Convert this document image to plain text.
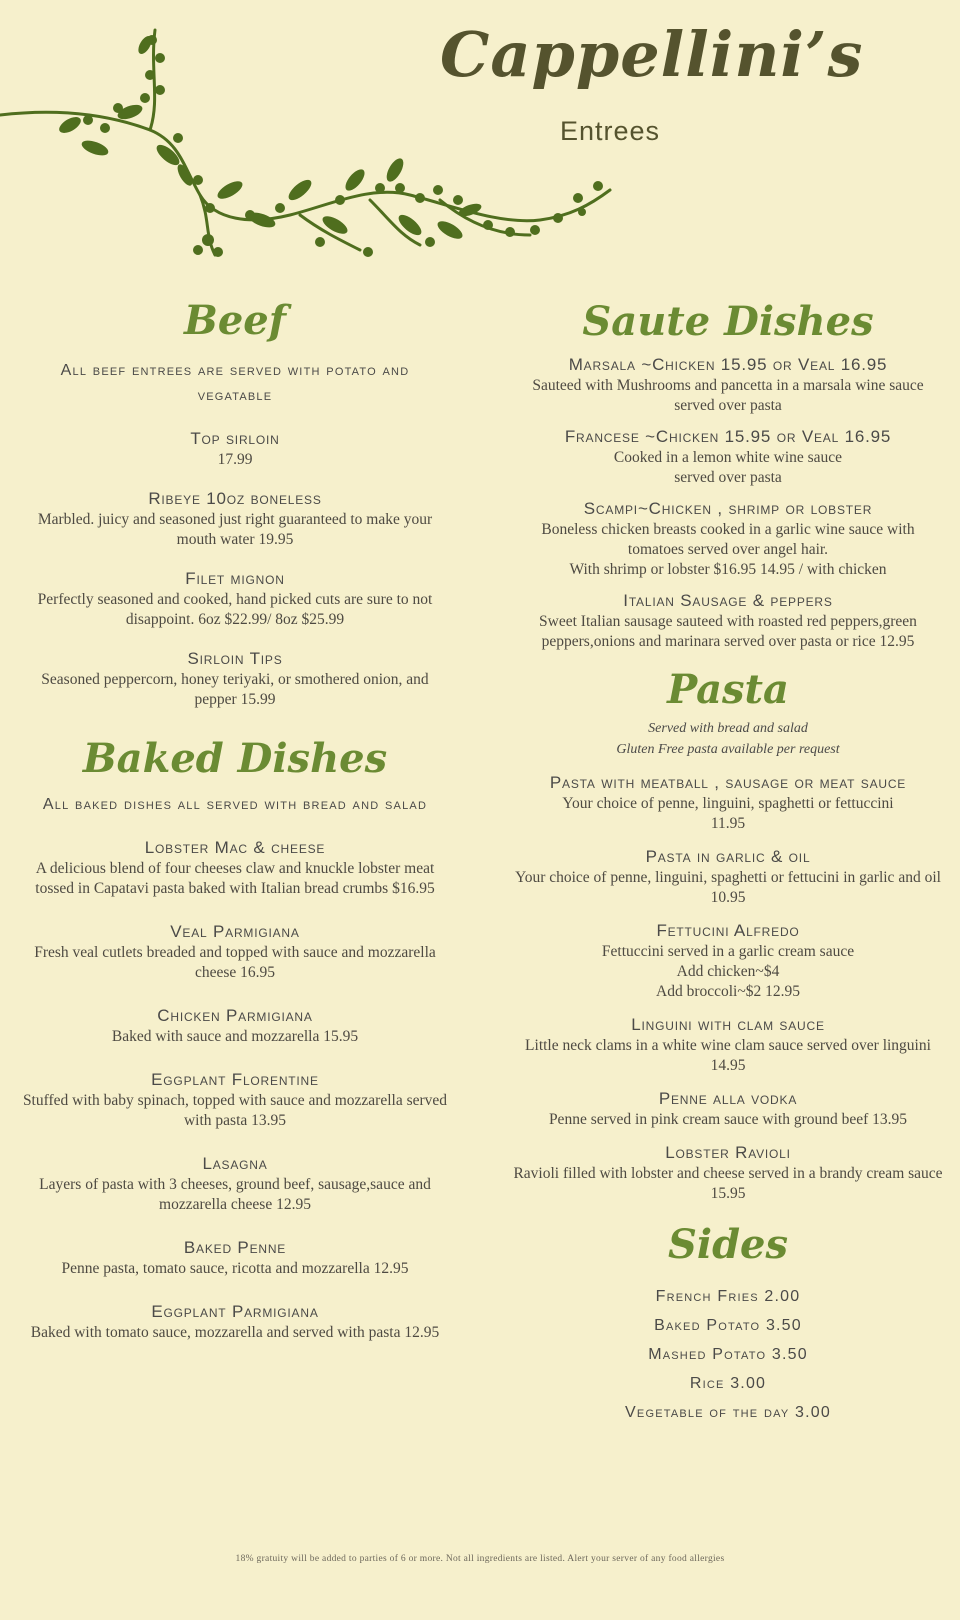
Cappellini’s
Entrees
Beef
All beef entrees are served with potato and vegatable
Top sirloin
17.99
Ribeye 10oz boneless
Marbled. juicy and seasoned just right guaranteed to make your mouth water 19.95
Filet mignon
Perfectly seasoned and cooked, hand picked cuts are sure to not disappoint. 6oz $22.99/ 8oz $25.99
Sirloin Tips
Seasoned peppercorn, honey teriyaki, or smothered onion, and pepper 15.99
Baked Dishes
All baked dishes all served with bread and salad
Lobster Mac & cheese
A delicious blend of four cheeses claw and knuckle lobster meat tossed in Capatavi pasta baked with Italian bread crumbs $16.95
Veal Parmigiana
Fresh veal cutlets breaded and topped with sauce and mozzarella cheese 16.95
Chicken Parmigiana
Baked with sauce and mozzarella 15.95
Eggplant Florentine
Stuffed with baby spinach, topped with sauce and mozzarella served with pasta 13.95
Lasagna
Layers of pasta with 3 cheeses, ground beef, sausage,sauce and mozzarella cheese 12.95
Baked Penne
Penne pasta, tomato sauce, ricotta and mozzarella 12.95
Eggplant Parmigiana
Baked with tomato sauce, mozzarella and served with pasta 12.95
Saute Dishes
Marsala ~Chicken 15.95 or Veal 16.95
Sauteed with Mushrooms and pancetta in a marsala wine sauce
served over pasta
Francese ~Chicken 15.95 or Veal 16.95
Cooked in a lemon white wine sauce
served over pasta
Scampi~Chicken , shrimp or lobster
Boneless chicken breasts cooked in a garlic wine sauce with tomatoes served over angel hair.
With shrimp or lobster $16.95 14.95 / with chicken
Italian Sausage & peppers
Sweet Italian sausage sauteed with roasted red peppers,green peppers,onions and marinara served over pasta or rice 12.95
Pasta
Served with bread and salad
Gluten Free pasta available per request
Pasta with meatball , sausage or meat sauce
Your choice of penne, linguini, spaghetti or fettuccini
11.95
Pasta in garlic & oil
Your choice of penne, linguini, spaghetti or fettucini in garlic and oil 10.95
Fettucini Alfredo
Fettuccini served in a garlic cream sauce
Add chicken~$4
Add broccoli~$2 12.95
Linguini with clam sauce
Little neck clams in a white wine clam sauce served over linguini 14.95
Penne alla vodka
Penne served in pink cream sauce with ground beef 13.95
Lobster Ravioli
Ravioli filled with lobster and cheese served in a brandy cream sauce 15.95
Sides
French Fries 2.00
Baked Potato 3.50
Mashed Potato 3.50
Rice 3.00
Vegetable of the day 3.00
18% gratuity will be added to parties of 6 or more. Not all ingredients are listed. Alert your server of any food allergies
